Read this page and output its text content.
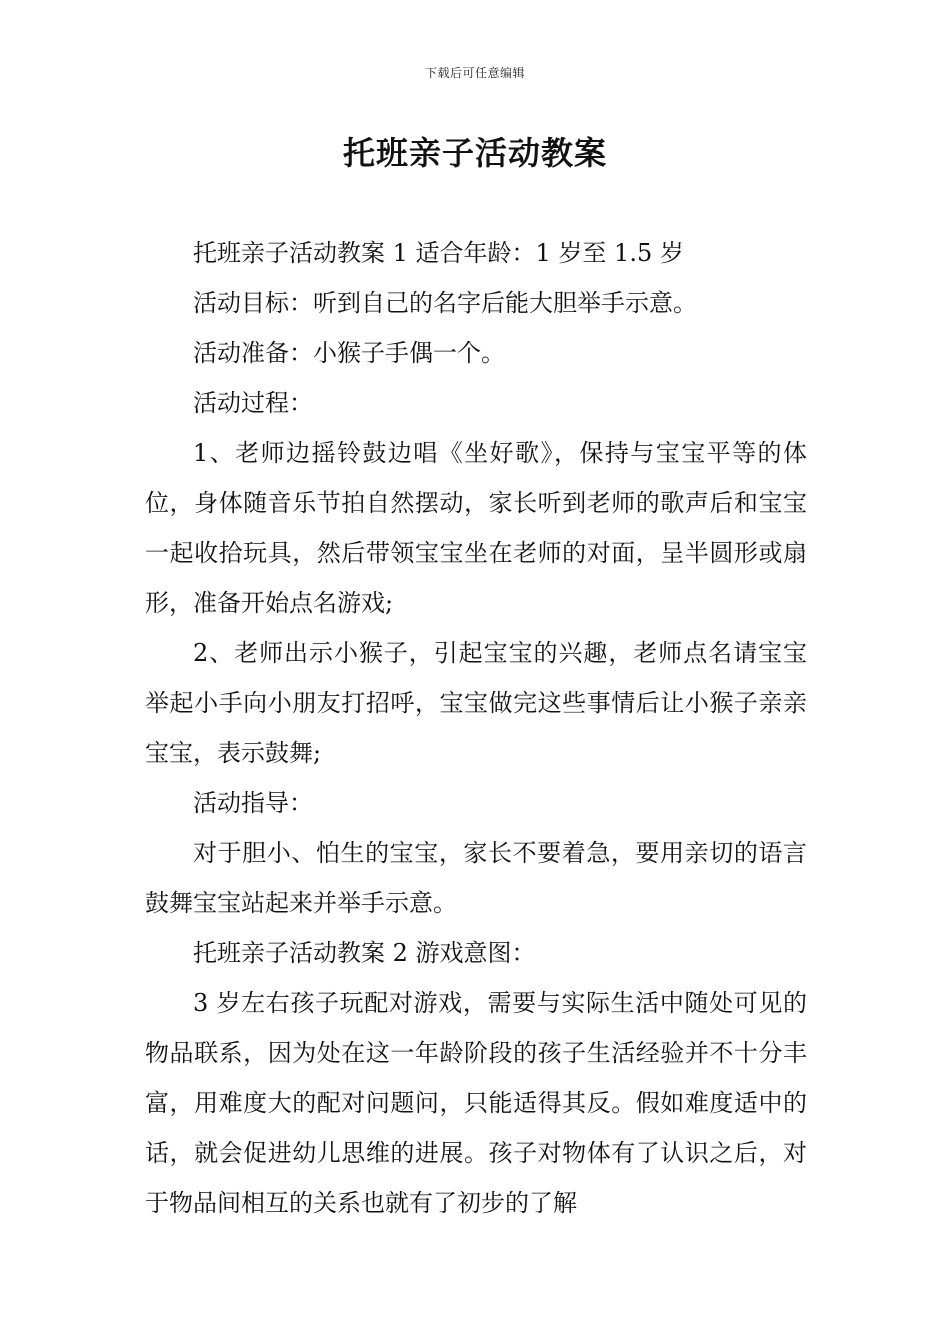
下载后可任意编辑
托班亲子活动教案

托班亲子活动教案 1 适合年龄：1 岁至 1.5 岁

活动目标：听到自己的名字后能大胆举手示意。

活动准备：小猴子手偶一个。

活动过程：

1、老师边摇铃鼓边唱《坐好歌》，保持与宝宝平等的体位，身体随音乐节拍自然摆动，家长听到老师的歌声后和宝宝一起收拾玩具，然后带领宝宝坐在老师的对面，呈半圆形或扇形，准备开始点名游戏;

2、老师出示小猴子，引起宝宝的兴趣，老师点名请宝宝举起小手向小朋友打招呼，宝宝做完这些事情后让小猴子亲亲宝宝，表示鼓舞;

活动指导：

对于胆小、怕生的宝宝，家长不要着急，要用亲切的语言鼓舞宝宝站起来并举手示意。

托班亲子活动教案 2 游戏意图：

3 岁左右孩子玩配对游戏，需要与实际生活中随处可见的物品联系，因为处在这一年龄阶段的孩子生活经验并不十分丰富，用难度大的配对问题问，只能适得其反。假如难度适中的话，就会促进幼儿思维的进展。孩子对物体有了认识之后，对于物品间相互的关系也就有了初步的了解
